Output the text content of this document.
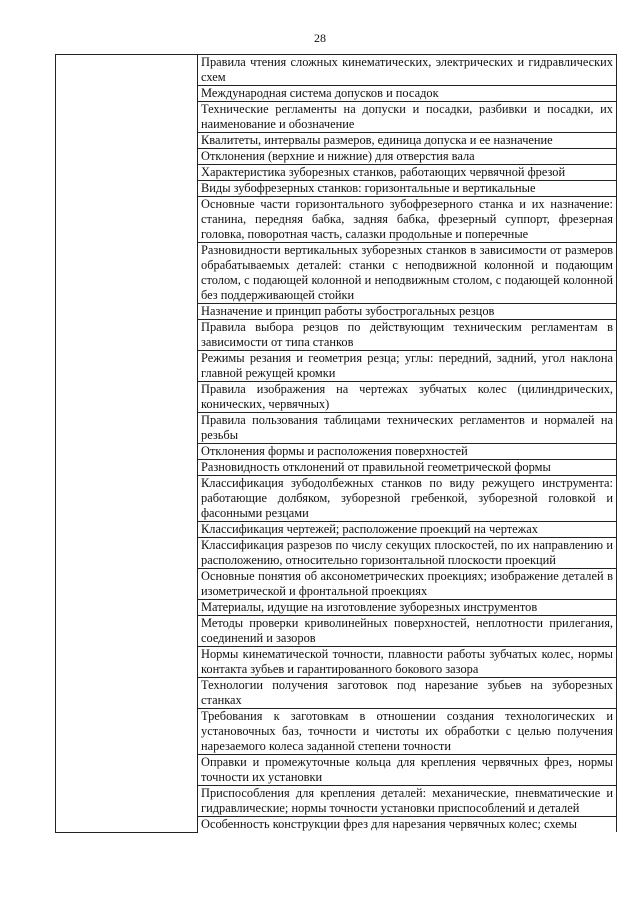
28
	Правила чтения сложных кинематических, электрических и гидравлических схем
Международная система допусков и посадок
Технические регламенты на допуски и посадки, разбивки и посадки, их наименование и обозначение
Квалитеты, интервалы размеров, единица допуска и ее назначение
Отклонения (верхние и нижние) для отверстия вала
Характеристика зуборезных станков, работающих червячной фрезой
Виды зубофрезерных станков: горизонтальные и вертикальные
Основные части горизонтального зубофрезерного станка и их назначение: станина, передняя бабка, задняя бабка, фрезерный суппорт, фрезерная головка, поворотная часть, салазки продольные и поперечные
Разновидности вертикальных зуборезных станков в зависимости от размеров обрабатываемых деталей: станки с неподвижной колонной и подающим столом, с подающей колонной и неподвижным столом, с подающей колонной без поддерживающей стойки
Назначение и принцип работы зубострогальных резцов
Правила выбора резцов по действующим техническим регламентам в зависимости от типа станков
Режимы резания и геометрия резца; углы: передний, задний, угол наклона главной режущей кромки
Правила изображения на чертежах зубчатых колес (цилиндрических, конических, червячных)
Правила пользования таблицами технических регламентов и нормалей на резьбы
Отклонения формы и расположения поверхностей
Разновидность отклонений от правильной геометрической формы
Классификация зубодолбежных станков по виду режущего инструмента: работающие долбяком, зуборезной гребенкой, зуборезной головкой и фасонными резцами
Классификация чертежей; расположение проекций на чертежах
Классификация разрезов по числу секущих плоскостей, по их направлению и расположению, относительно горизонтальной плоскости проекций
Основные понятия об аксонометрических проекциях; изображение деталей в изометрической и фронтальной проекциях
Материалы, идущие на изготовление зуборезных инструментов
Методы проверки криволинейных поверхностей, неплотности прилегания, соединений и зазоров
Нормы кинематической точности, плавности работы зубчатых колес, нормы контакта зубьев и гарантированного бокового зазора
Технологии получения заготовок под нарезание зубьев на зуборезных станках
Требования к заготовкам в отношении создания технологических и установочных баз, точности и чистоты их обработки с целью получения нарезаемого колеса заданной степени точности
Оправки и промежуточные кольца для крепления червячных фрез, нормы точности их установки
Приспособления для крепления деталей: механические, пневматические и гидравлические; нормы точности установки приспособлений и деталей
Особенность конструкции фрез для нарезания червячных колес; схемы
